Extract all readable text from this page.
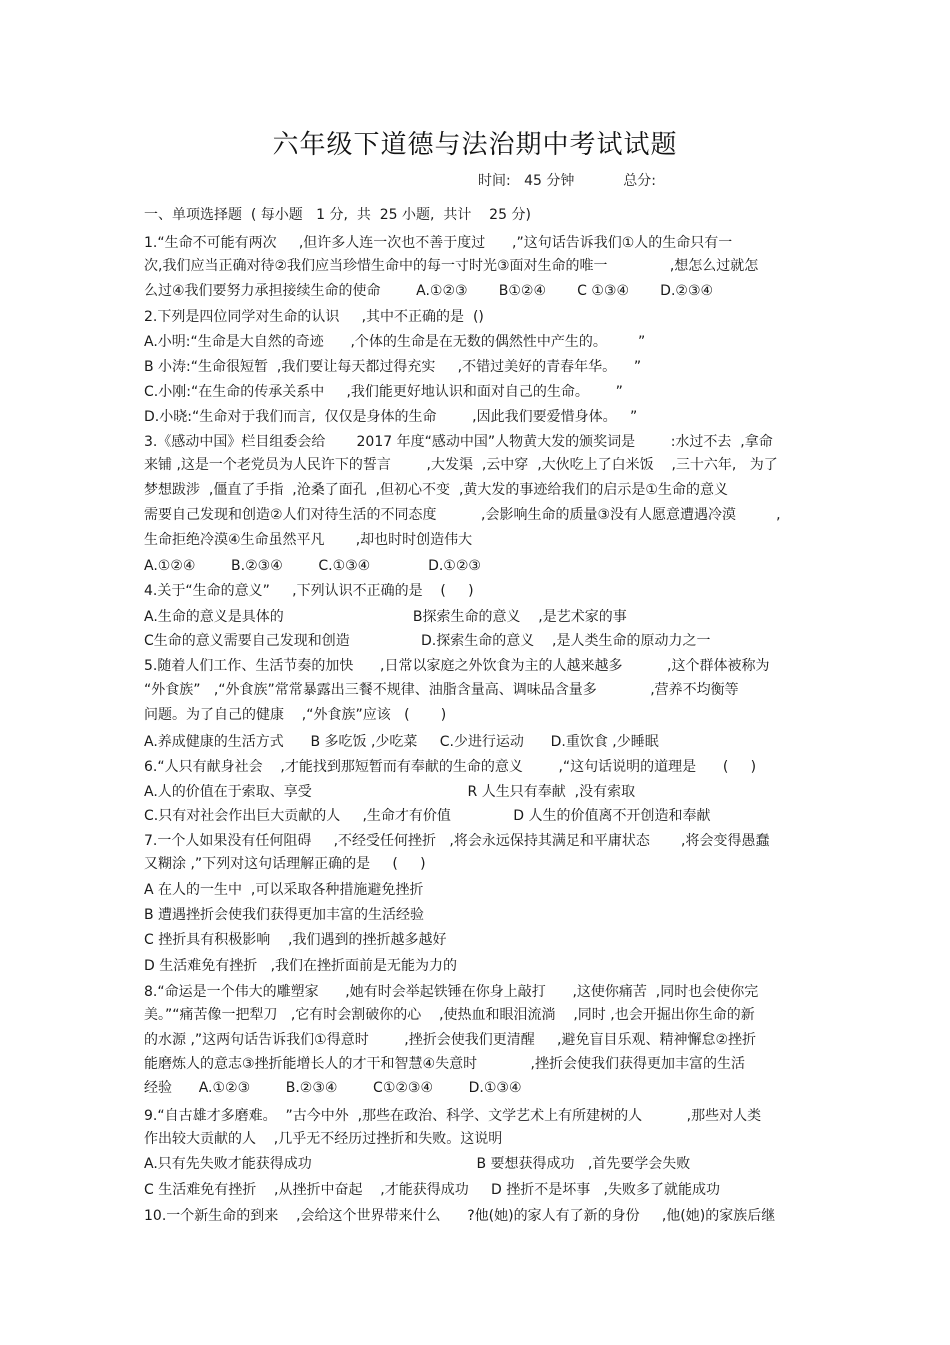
六年级下道德与法治期中考试试题
时间:   45 分钟           总分:
一、单项选择题  ( 每小题   1 分,  共  25 小题,  共计    25 分)
1.“生命不可能有两次     ,但许多人连一次也不善于度过      ,”这句话告诉我们①人的生命只有一
次,我们应当正确对待②我们应当珍惜生命中的每一寸时光③面对生命的唯一              ,想怎么过就怎
么过④我们要努力承担接续生命的使命        A.①②③       B①②④       C ①③④       D.②③④
2.下列是四位同学对生命的认识     ,其中不正确的是  ()
A.小明:“生命是大自然的奇迹      ,个体的生命是在无数的偶然性中产生的。       ”
B 小涛:“生命很短暂  ,我们要让每天都过得充实     ,不错过美好的青春年华。    ”
C.小刚:“在生命的传承关系中     ,我们能更好地认识和面对自己的生命。      ”
D.小晓:“生命对于我们而言,  仅仅是身体的生命        ,因此我们要爱惜身体。   ”
3.《感动中国》栏目组委会给       2017 年度“感动中国”人物黄大发的颁奖词是        :水过不去  ,拿命
来铺 ,这是一个老党员为人民许下的誓言        ,大发渠  ,云中穿  ,大伙吃上了白米饭    ,三十六年,   为了
梦想跋涉  ,僵直了手指  ,沧桑了面孔  ,但初心不变  ,黄大发的事迹给我们的启示是①生命的意义
需要自己发现和创造②人们对待生活的不同态度          ,会影响生命的质量③没有人愿意遭遇冷漠         ,
生命拒绝冷漠④生命虽然平凡       ,却也时时创造伟大
A.①②④        B.②③④        C.①③④             D.①②③
4.关于“生命的意义”     ,下列认识不正确的是    (     )
A.生命的意义是具体的                             B探索生命的意义    ,是艺术家的事
C生命的意义需要自己发现和创造                D.探索生命的意义    ,是人类生命的原动力之一
5.随着人们工作、生活节奏的加快      ,日常以家庭之外饮食为主的人越来越多          ,这个群体被称为
“外食族”   ,“外食族”常常暴露出三餐不规律、油脂含量高、调味品含量多            ,营养不均衡等
问题。为了自己的健康    ,“外食族”应该   (       )
A.养成健康的生活方式      B 多吃饭 ,少吃菜     C.少进行运动      D.重饮食 ,少睡眠
6.“人只有献身社会    ,才能找到那短暂而有奉献的生命的意义        ,“这句话说明的道理是      (     )
A.人的价值在于索取、享受                                   R 人生只有奉献  ,没有索取
C.只有对社会作出巨大贡献的人     ,生命才有价值              D 人生的价值离不开创造和奉献
7.一个人如果没有任何阻碍     ,不经受任何挫折   ,将会永远保持其满足和平庸状态       ,将会变得愚蠢
又糊涂 ,”下列对这句话理解正确的是     (     )
A 在人的一生中  ,可以采取各种措施避免挫折
B 遭遇挫折会使我们获得更加丰富的生活经验
C 挫折具有积极影响    ,我们遇到的挫折越多越好
D 生活难免有挫折   ,我们在挫折面前是无能为力的
8.“命运是一个伟大的雕塑家      ,她有时会举起铁锤在你身上敲打      ,这使你痛苦  ,同时也会使你完
美。”“痛苦像一把犁刀   ,它有时会割破你的心    ,使热血和眼泪流淌    ,同时 ,也会开掘出你生命的新
的水源 ,”这两句话告诉我们①得意时        ,挫折会使我们更清醒     ,避免盲目乐观、精神懈怠②挫折
能磨炼人的意志③挫折能增长人的才干和智慧④失意时            ,挫折会使我们获得更加丰富的生活
经验      A.①②③        B.②③④        C①②③④        D.①③④
9.“自古雄才多磨难。  ”古今中外  ,那些在政治、科学、文学艺术上有所建树的人          ,那些对人类
作出较大贡献的人    ,几乎无不经历过挫折和失败。这说明
A.只有先失败才能获得成功                                     B 要想获得成功   ,首先要学会失败
C 生活难免有挫折    ,从挫折中奋起    ,才能获得成功     D 挫折不是坏事   ,失败多了就能成功
10.一个新生命的到来    ,会给这个世界带来什么      ?他(她)的家人有了新的身份     ,他(她)的家族后继
